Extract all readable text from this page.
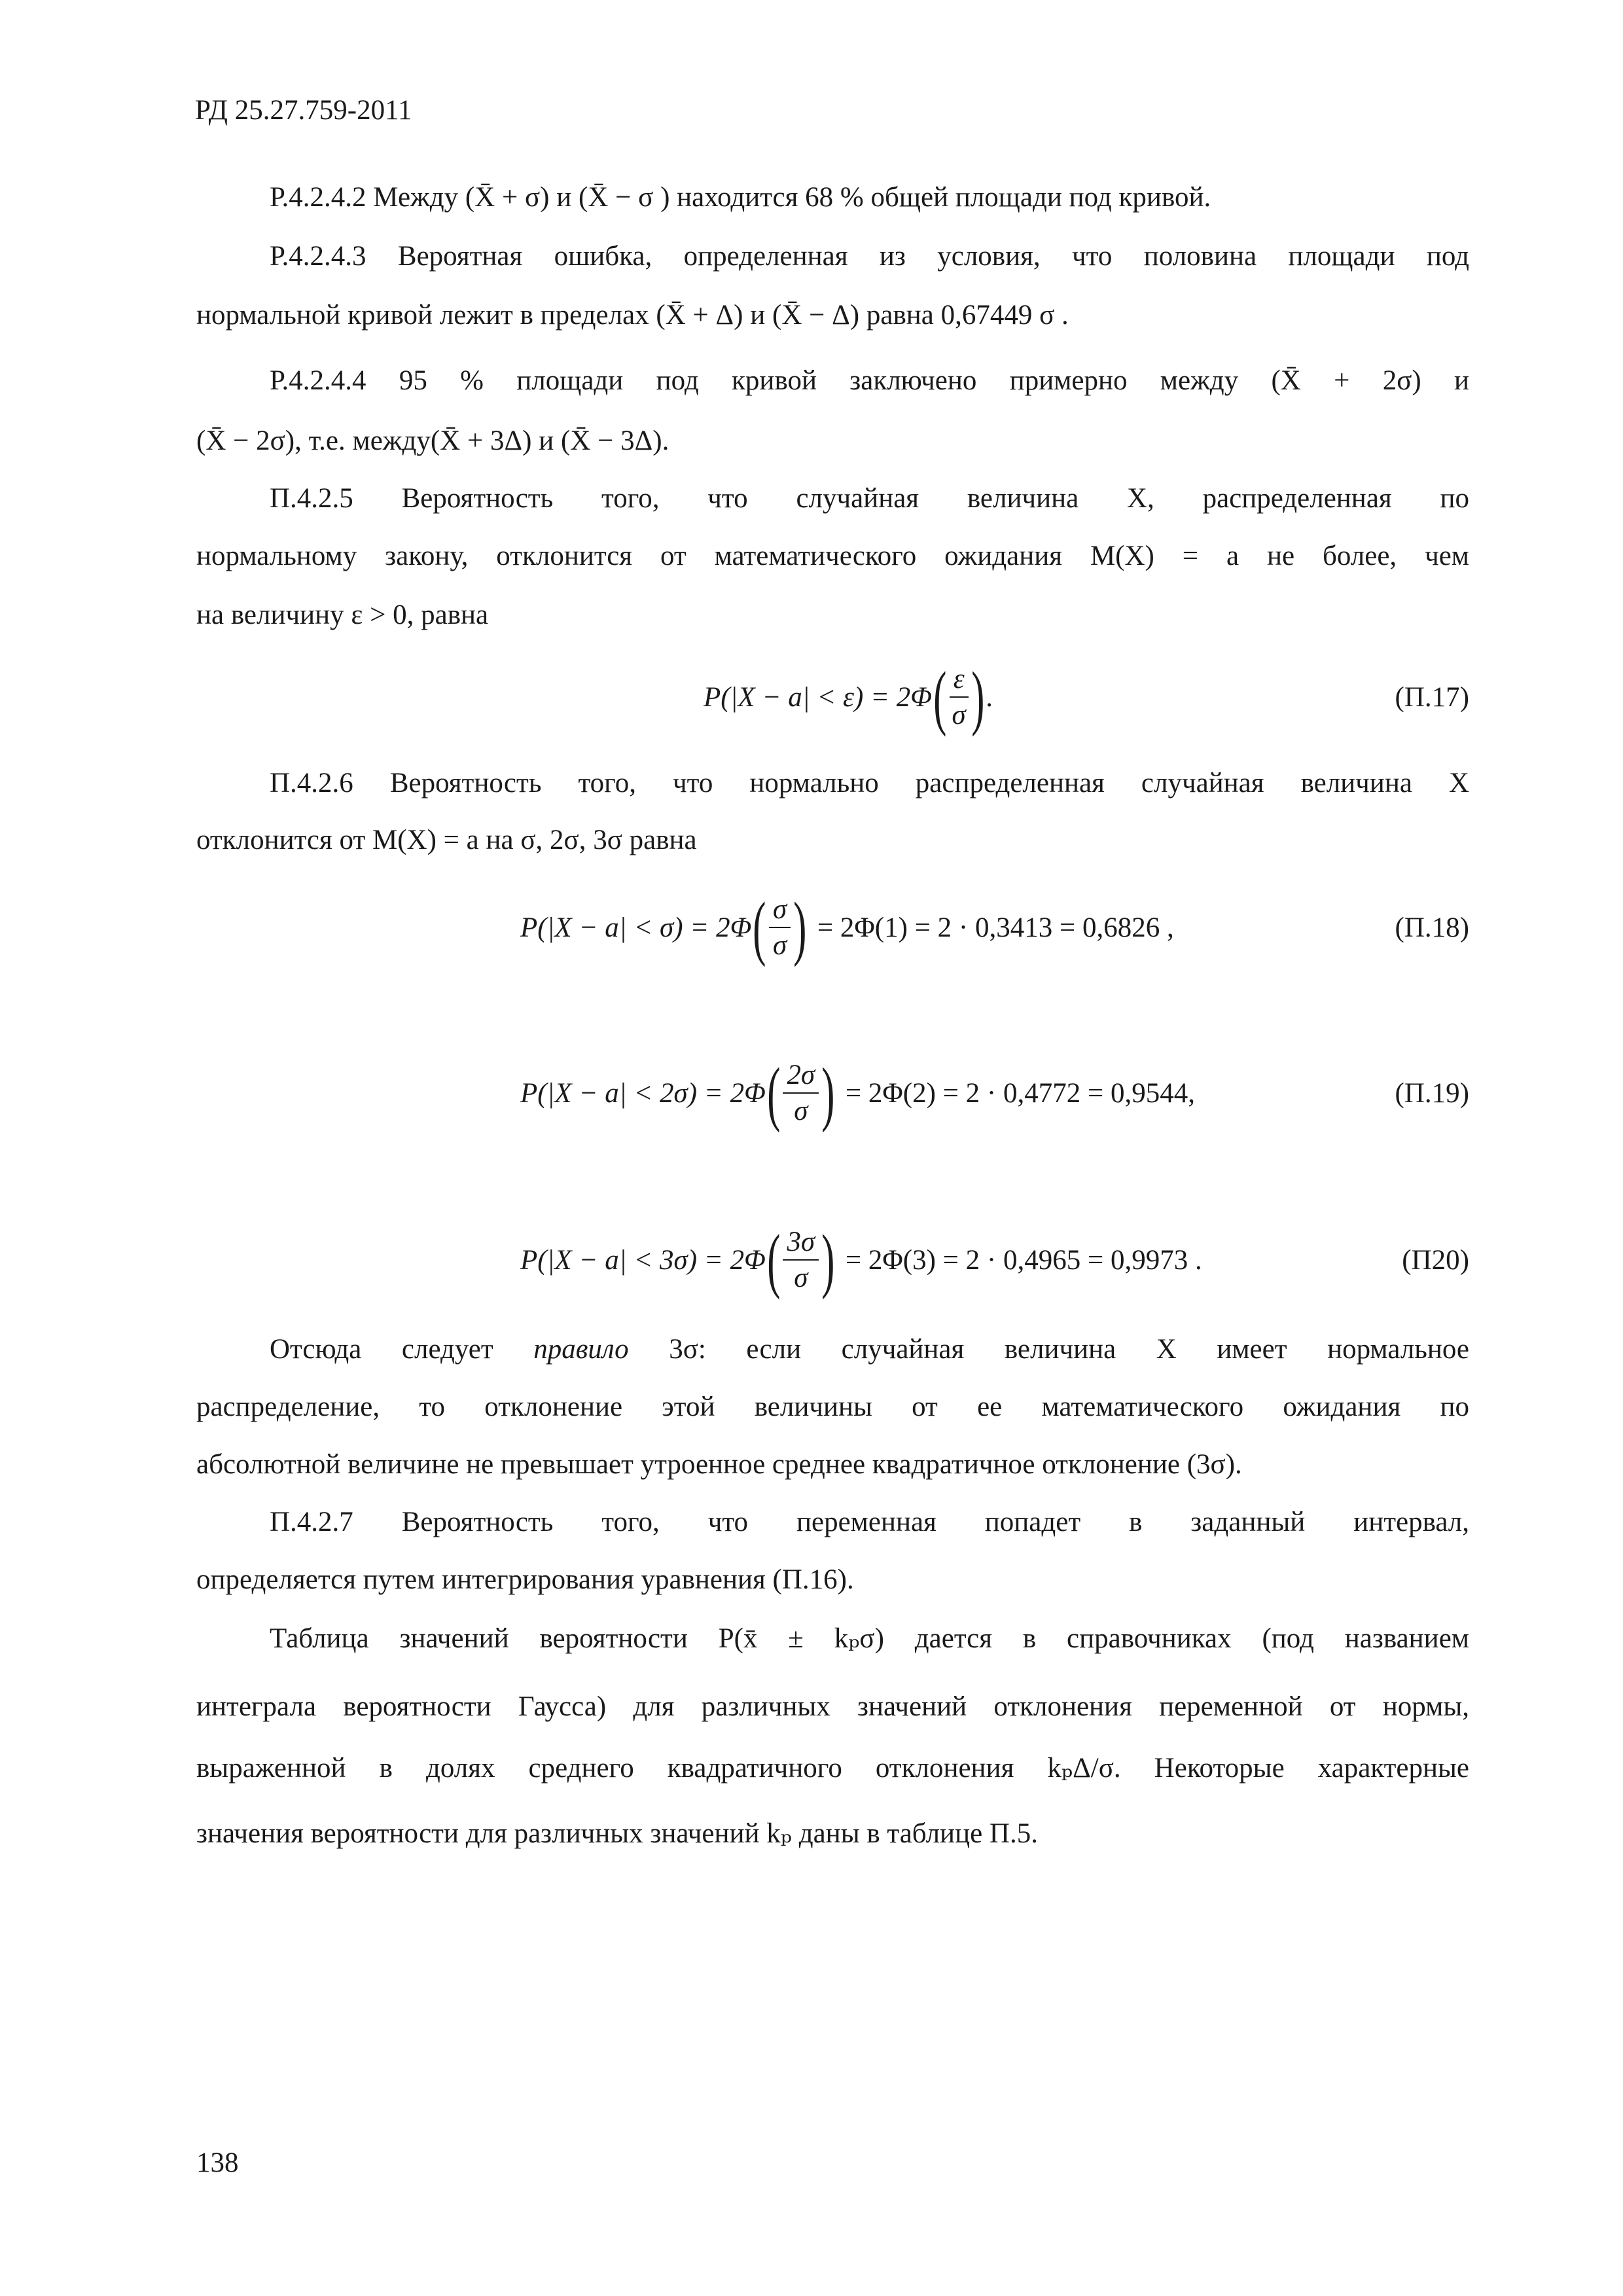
РД 25.27.759-2011
Р.4.2.4.2 Между (X̄ + σ) и (X̄ − σ ) находится 68 % общей площади под кривой.
Р.4.2.4.3 Вероятная ошибка, определенная из условия, что половина площади под
нормальной кривой лежит в пределах (X̄ + Δ) и (X̄ − Δ) равна 0,67449 σ .
Р.4.2.4.4 95 % площади под кривой заключено примерно между (X̄ + 2σ) и
(X̄ − 2σ), т.е. между(X̄ + 3Δ) и (X̄ − 3Δ).
П.4.2.5 Вероятность того, что случайная величина X, распределенная по
нормальному закону, отклонится от математического ожидания M(X) = a не более, чем
на величину ε > 0, равна
P(|X − a| < ε) = 2Φ ( $\frac{\varepsilon}{\sigma}$ ) .	(П.17)
П.4.2.6 Вероятность того, что нормально распределенная случайная величина X
отклонится от M(X) = a на σ, 2σ, 3σ равна
P(|X − a| < σ) = 2Φ ( $\frac{\sigma}{\sigma}$ ) = 2Φ(1) = 2 · 0,3413 = 0,6826 ,	(П.18)
P(|X − a| < 2σ) = 2Φ ( $\frac{2\sigma}{\sigma}$ ) = 2Φ(2) = 2 · 0,4772 = 0,9544,	(П.19)
P(|X − a| < 3σ) = 2Φ ( $\frac{3\sigma}{\sigma}$ ) = 2Φ(3) = 2 · 0,4965 = 0,9973 .	(П20)
Отсюда следует правило 3σ: если случайная величина X имеет нормальное
распределение, то отклонение этой величины от ее математического ожидания по
абсолютной величине не превышает утроенное среднее квадратичное отклонение (3σ).
П.4.2.7 Вероятность того, что переменная попадет в заданный интервал,
определяется путем интегрирования уравнения (П.16).
Таблица значений вероятности P(x̄ ± kₚσ) дается в справочниках (под названием
интеграла вероятности Гаусса) для различных значений отклонения переменной от нормы,
выраженной в долях среднего квадратичного отклонения kₚΔ/σ. Некоторые характерные
значения вероятности для различных значений kₚ даны в таблице П.5.
138
